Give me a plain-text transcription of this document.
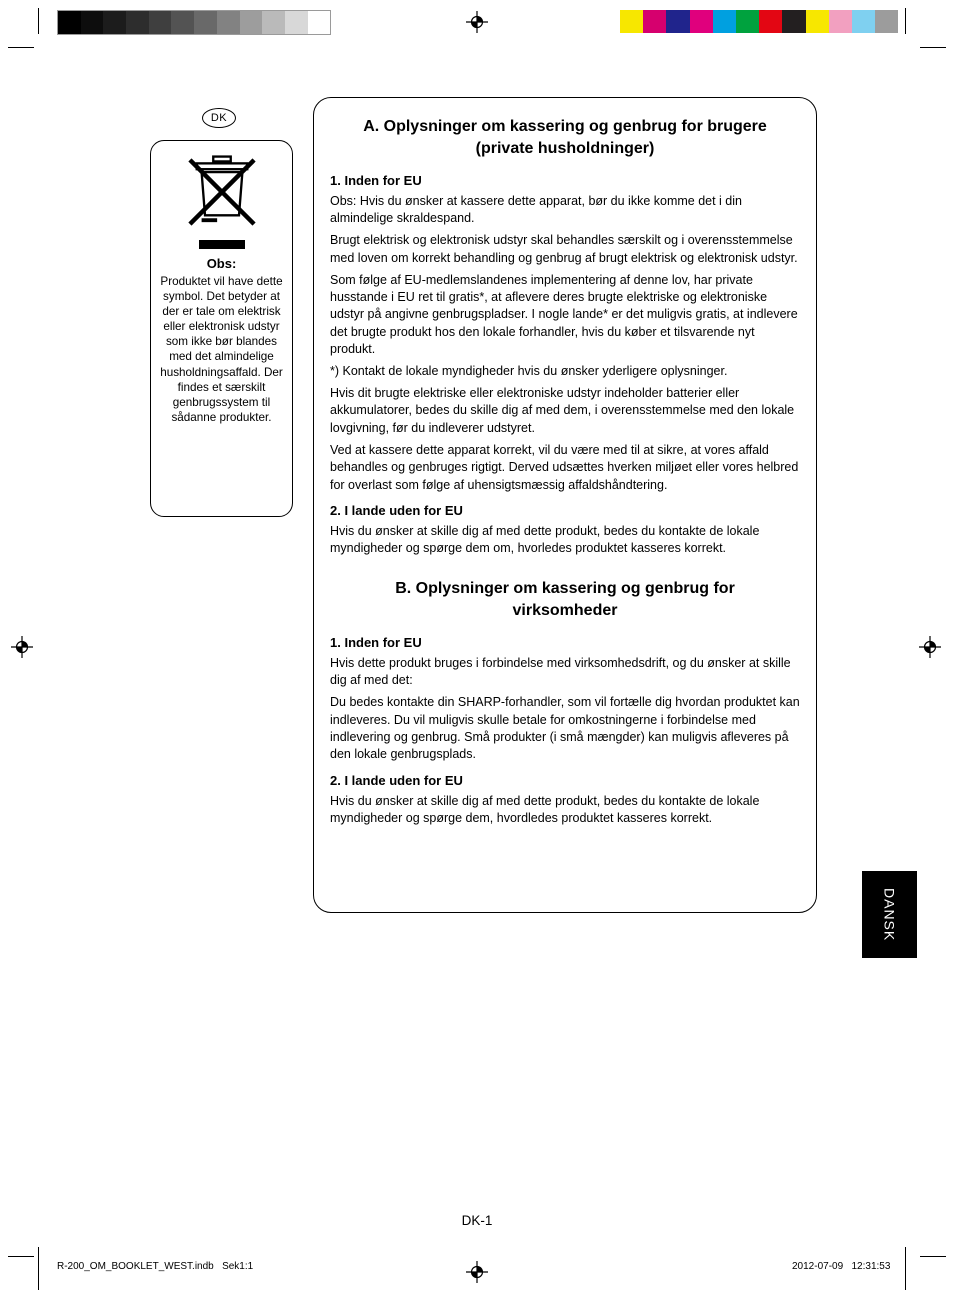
DK
Obs:
Produktet vil have dette symbol. Det betyder at der er tale om elektrisk eller elektronisk udstyr som ikke bør blandes med det almindelige husholdningsaffald. Der findes et særskilt genbrugssystem til sådanne produkter.
A. Oplysninger om kassering og genbrug for brugere (private husholdninger)
1. Inden for EU

Obs: Hvis du ønsker at kassere dette apparat, bør du ikke komme det i din almindelige skraldespand.

Brugt elektrisk og elektronisk udstyr skal behandles særskilt og i overensstemmelse med loven om korrekt behandling og genbrug af brugt elektrisk og elektronisk udstyr.

Som følge af EU-medlemslandenes implementering af denne lov, har private husstande i EU ret til gratis*, at aflevere deres brugte elektriske og elektroniske udstyr på angivne genbrugspladser. I nogle lande* er det muligvis gratis, at indlevere det brugte produkt hos den lokale forhandler, hvis du køber et tilsvarende nyt produkt.

*) Kontakt de lokale myndigheder hvis du ønsker yderligere oplysninger.

Hvis dit brugte elektriske eller elektroniske udstyr indeholder batterier eller akkumulatorer, bedes du skille dig af med dem, i overensstemmelse med den lokale lovgivning, før du indleverer udstyret.

Ved at kassere dette apparat korrekt, vil du være med til at sikre, at vores affald behandles og genbruges rigtigt. Derved udsættes hverken miljøet eller vores helbred for overlast som følge af uhensigtsmæssig affaldshåndtering.

2. I lande uden for EU

Hvis du ønsker at skille dig af med dette produkt, bedes du kontakte de lokale myndigheder og spørge dem om, hvorledes produktet kasseres korrekt.

B. Oplysninger om kassering og genbrug for virksomheder
1. Inden for EU

Hvis dette produkt bruges i forbindelse med virksomhedsdrift, og du ønsker at skille dig af med det:

Du bedes kontakte din SHARP-forhandler, som vil fortælle dig hvordan produktet kan indleveres. Du vil muligvis skulle betale for omkostningerne i forbindelse med indlevering og genbrug. Små produkter (i små mængder) kan muligvis afleveres på den lokale genbrugsplads.

2. I lande uden for EU

Hvis du ønsker at skille dig af med dette produkt, bedes du kontakte de lokale myndigheder og spørge dem, hvordledes produktet kasseres korrekt.

DANSK
DK-1
R-200_OM_BOOKLET_WEST.indb   Sek1:1	2012-07-09   12:31:53
